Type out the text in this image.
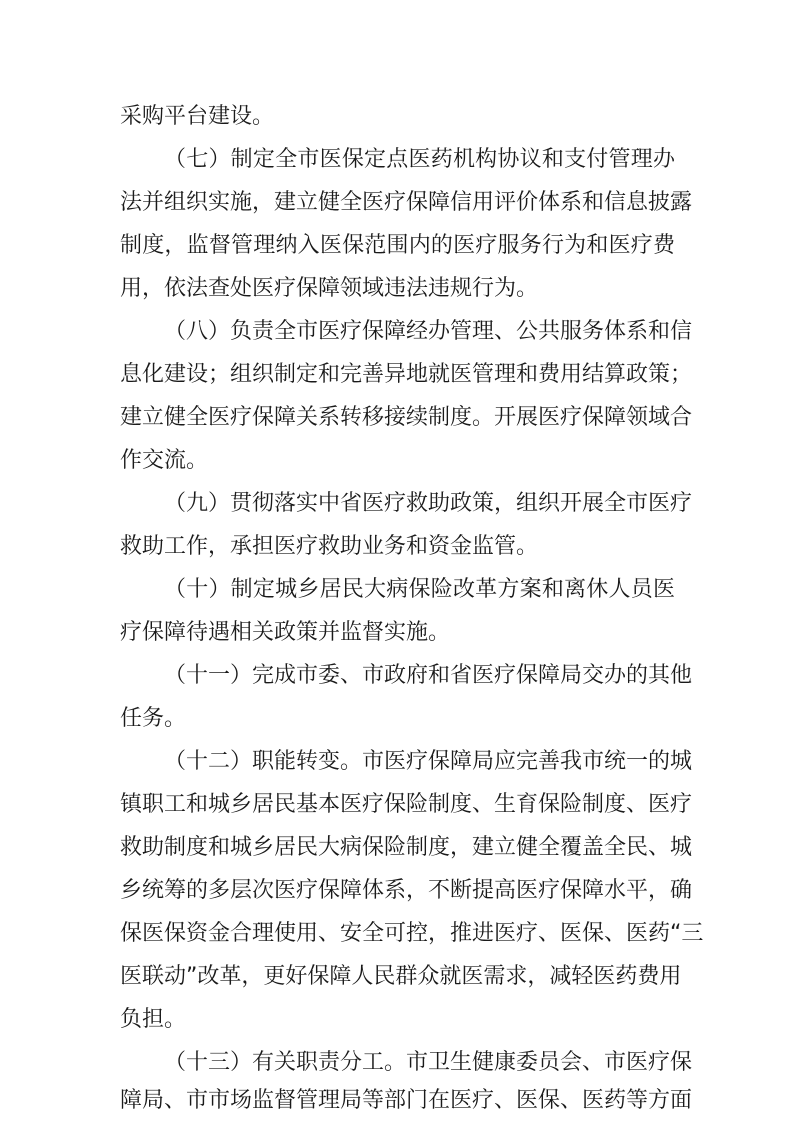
采购平台建设。
（七）制定全市医保定点医药机构协议和支付管理办
法并组织实施，建立健全医疗保障信用评价体系和信息披露
制度，监督管理纳入医保范围内的医疗服务行为和医疗费
用，依法查处医疗保障领域违法违规行为。
（八）负责全市医疗保障经办管理、公共服务体系和信
息化建设；组织制定和完善异地就医管理和费用结算政策；
建立健全医疗保障关系转移接续制度。开展医疗保障领域合
作交流。
（九）贯彻落实中省医疗救助政策，组织开展全市医疗
救助工作，承担医疗救助业务和资金监管。
（十）制定城乡居民大病保险改革方案和离休人员医
疗保障待遇相关政策并监督实施。
（十一）完成市委、市政府和省医疗保障局交办的其他
任务。
（十二）职能转变。市医疗保障局应完善我市统一的城
镇职工和城乡居民基本医疗保险制度、生育保险制度、医疗
救助制度和城乡居民大病保险制度，建立健全覆盖全民、城
乡统筹的多层次医疗保障体系，不断提高医疗保障水平，确
保医保资金合理使用、安全可控，推进医疗、医保、医药“三
医联动”改革，更好保障人民群众就医需求，减轻医药费用
负担。
（十三）有关职责分工。市卫生健康委员会、市医疗保
障局、市市场监督管理局等部门在医疗、医保、医药等方面
